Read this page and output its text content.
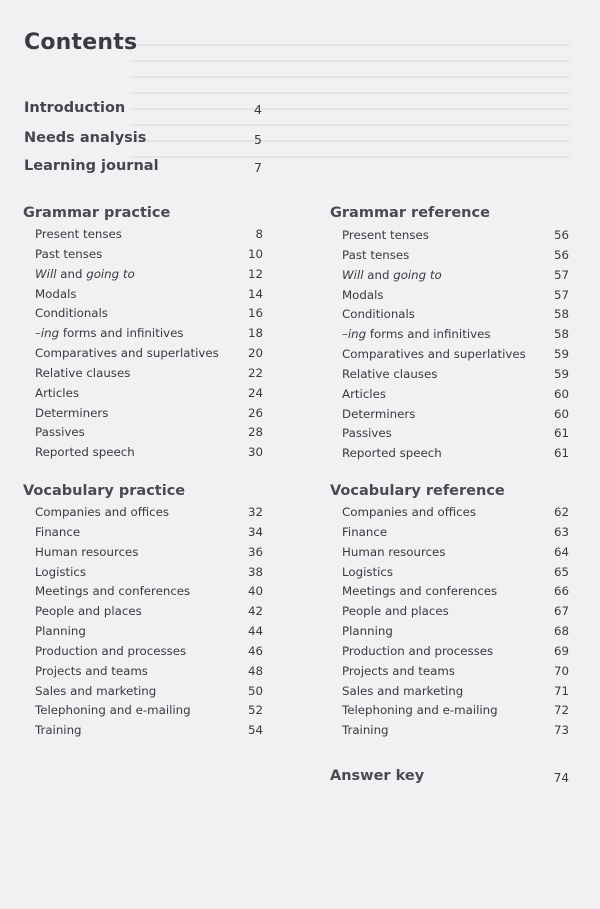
Contents
Introduction	4
Needs analysis	5
Learning journal	7
Grammar practice
Present tenses	8
Past tenses	10
Will and going to	12
Modals	14
Conditionals	16
–ing forms and infinitives	18
Comparatives and superlatives 20
Relative clauses	22
Articles	24
Determiners	26
Passives	28
Reported speech	30
Vocabulary practice
Companies and offices	32
Finance	34
Human resources	36
Logistics	38
Meetings and conferences	40
People and places	42
Planning	44
Production and processes	46
Projects and teams	48
Sales and marketing	50
Telephoning and e-mailing	52
Training	54
Grammar reference
Present tenses	56
Past tenses	56
Will and going to	57
Modals	57
Conditionals	58
–ing forms and infinitives	58
Comparatives and superlatives 59
Relative clauses	59
Articles	60
Determiners	60
Passives	61
Reported speech	61
Vocabulary reference
Companies and offices	62
Finance	63
Human resources	64
Logistics	65
Meetings and conferences	66
People and places	67
Planning	68
Production and processes	69
Projects and teams	70
Sales and marketing	71
Telephoning and e-mailing	72
Training	73
Answer key	74
